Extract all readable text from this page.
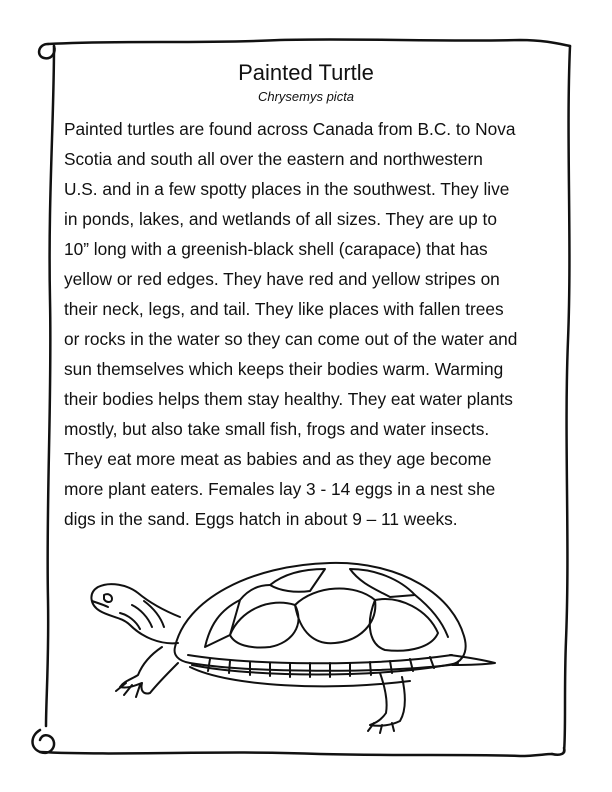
Painted Turtle
Chrysemys picta
Painted turtles are found across Canada from B.C. to Nova
Scotia and south all over the eastern and northwestern
U.S. and in a few spotty places in the southwest. They live
in ponds, lakes, and wetlands of all sizes. They are up to
10” long with a greenish-black shell (carapace) that has
yellow or red edges. They have red and yellow stripes on
their neck, legs, and tail. They like places with fallen trees
or rocks in the water so they can come out of the water and
sun themselves which keeps their bodies warm. Warming
their bodies helps them stay healthy. They eat water plants
mostly, but also take small fish, frogs and water insects.
They eat more meat as babies and as they age become
more plant eaters. Females lay 3 - 14 eggs in a nest she
digs in the sand. Eggs hatch in about 9 – 11 weeks.
